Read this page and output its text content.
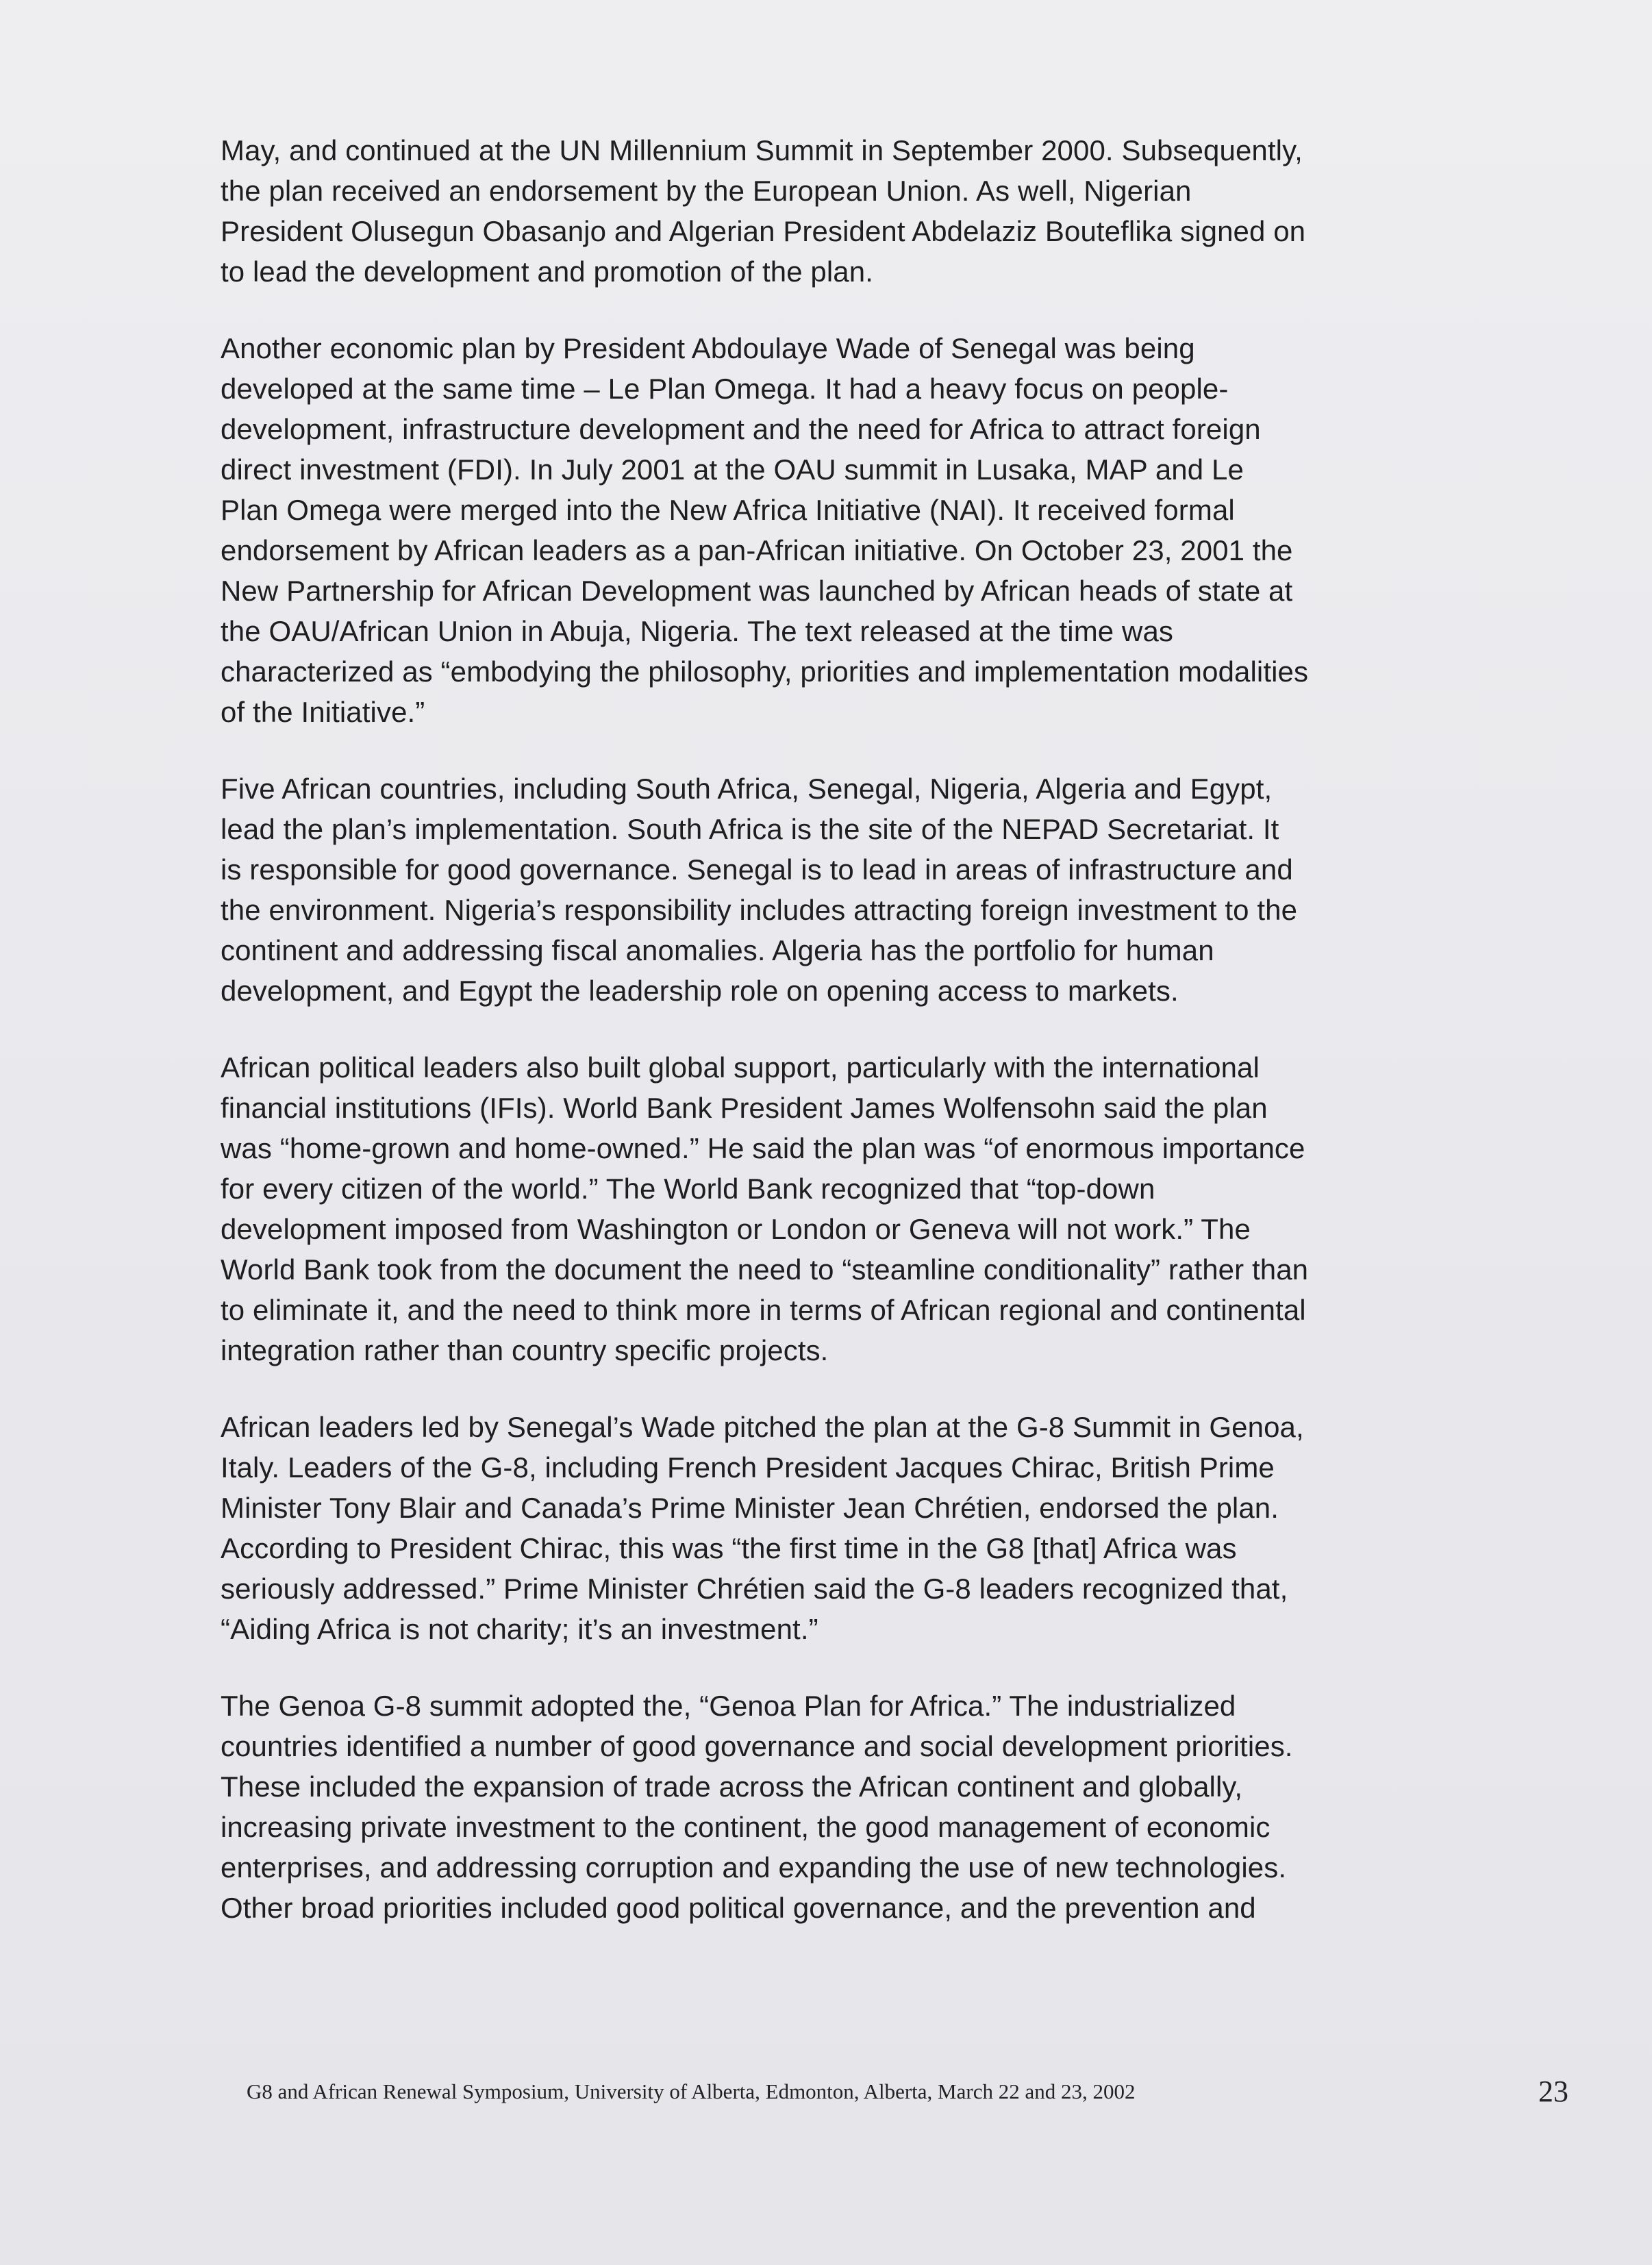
May, and continued at the UN Millennium Summit in September 2000. Subsequently,
the plan received an endorsement by the European Union. As well, Nigerian
President Olusegun Obasanjo and Algerian President Abdelaziz Bouteflika signed on
to lead the development and promotion of the plan.

Another economic plan by President Abdoulaye Wade of Senegal was being
developed at the same time – Le Plan Omega. It had a heavy focus on people-
development, infrastructure development and the need for Africa to attract foreign
direct investment (FDI). In July 2001 at the OAU summit in Lusaka, MAP and Le
Plan Omega were merged into the New Africa Initiative (NAI). It received formal
endorsement by African leaders as a pan-African initiative. On October 23, 2001 the
New Partnership for African Development was launched by African heads of state at
the OAU/African Union in Abuja, Nigeria. The text released at the time was
characterized as “embodying the philosophy, priorities and implementation modalities
of the Initiative.”

Five African countries, including South Africa, Senegal, Nigeria, Algeria and Egypt,
lead the plan’s implementation. South Africa is the site of the NEPAD Secretariat. It
is responsible for good governance. Senegal is to lead in areas of infrastructure and
the environment. Nigeria’s responsibility includes attracting foreign investment to the
continent and addressing fiscal anomalies. Algeria has the portfolio for human
development, and Egypt the leadership role on opening access to markets.

African political leaders also built global support, particularly with the international
financial institutions (IFIs). World Bank President James Wolfensohn said the plan
was “home-grown and home-owned.” He said the plan was “of enormous importance
for every citizen of the world.” The World Bank recognized that “top-down
development imposed from Washington or London or Geneva will not work.” The
World Bank took from the document the need to “steamline conditionality” rather than
to eliminate it, and the need to think more in terms of African regional and continental
integration rather than country specific projects.

African leaders led by Senegal’s Wade pitched the plan at the G-8 Summit in Genoa,
Italy. Leaders of the G-8, including French President Jacques Chirac, British Prime
Minister Tony Blair and Canada’s Prime Minister Jean Chrétien, endorsed the plan.
According to President Chirac, this was “the first time in the G8 [that] Africa was
seriously addressed.” Prime Minister Chrétien said the G-8 leaders recognized that,
“Aiding Africa is not charity; it’s an investment.”

The Genoa G-8 summit adopted the, “Genoa Plan for Africa.” The industrialized
countries identified a number of good governance and social development priorities.
These included the expansion of trade across the African continent and globally,
increasing private investment to the continent, the good management of economic
enterprises, and addressing corruption and expanding the use of new technologies.
Other broad priorities included good political governance, and the prevention and

G8 and African Renewal Symposium, University of Alberta, Edmonton, Alberta, March 22 and 23, 2002	23
